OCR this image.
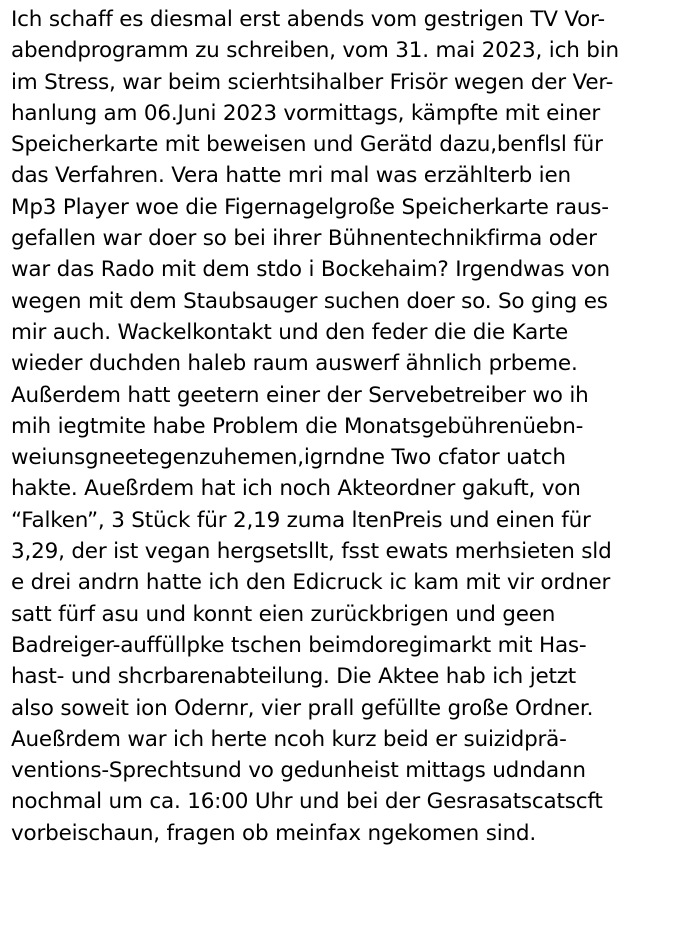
Ich schaff es diesmal erst abends vom gestrigen TV Vor-
abendprogramm zu schreiben, vom 31. mai 2023, ich bin
im Stress, war beim scierhtsihalber Frisör wegen der Ver-
hanlung am 06.Juni 2023 vormittags, kämpfte mit einer
Speicherkarte mit beweisen und Gerätd dazu,benflsl für
das Verfahren. Vera hatte mri mal was erzählterb ien
Mp3 Player woe die Figernagelgroße Speicherkarte raus-
gefallen war doer so bei ihrer Bühnentechnikfirma oder
war das Rado mit dem stdo i Bockehaim? Irgendwas von
wegen mit dem Staubsauger suchen doer so. So ging es
mir auch. Wackelkontakt und den feder die die Karte
wieder duchden haleb raum auswerf ähnlich prbeme.
Außerdem hatt geetern einer der Servebetreiber wo ih
mih iegtmite habe Problem die Monatsgebührenüebn-
weiunsgneetegenzuhemen,igrndne Two cfator uatch
hakte. Aueßrdem hat ich noch Akteordner gakuft, von
“Falken”, 3 Stück für 2,19 zuma ltenPreis und einen für
3,29, der ist vegan hergsetsllt, fsst ewats merhsieten sld
e drei andrn hatte ich den Edicruck ic kam mit vir ordner
satt fürf asu und konnt eien zurückbrigen und geen
Badreiger-auffüllpke tschen beimdoregimarkt mit Has-
hast- und shcrbarenabteilung. Die Aktee hab ich jetzt
also soweit ion Odernr, vier prall gefüllte große Ordner.
Aueßrdem war ich herte ncoh kurz beid er suizidprä-
ventions-Sprechtsund vo gedunheist mittags udndann
nochmal um ca. 16:00 Uhr und bei der Gesrasatscatscft
vorbeischaun, fragen ob meinfax ngekomen sind.
